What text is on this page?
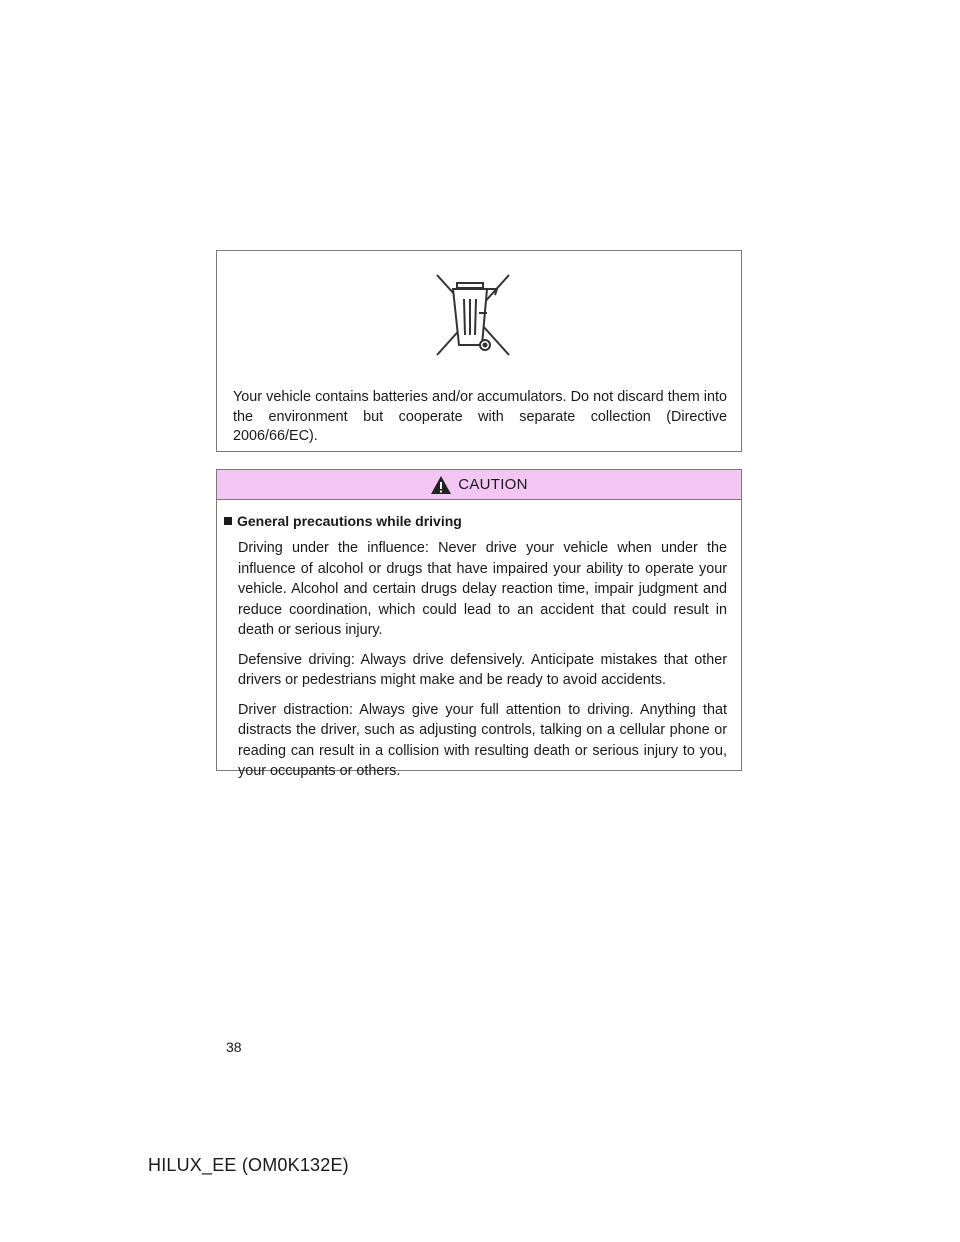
Your vehicle contains batteries and/or accumulators. Do not discard them into the environment but cooperate with separate collection (Directive 2006/66/EC).
CAUTION
General precautions while driving

Driving under the influence: Never drive your vehicle when under the influence of alcohol or drugs that have impaired your ability to operate your vehicle. Alcohol and certain drugs delay reaction time, impair judgment and reduce coordination, which could lead to an accident that could result in death or serious injury.

Defensive driving: Always drive defensively. Anticipate mistakes that other drivers or pedestrians might make and be ready to avoid accidents.

Driver distraction: Always give your full attention to driving. Anything that distracts the driver, such as adjusting controls, talking on a cellular phone or reading can result in a collision with resulting death or serious injury to you, your occupants or others.

38
HILUX_EE (OM0K132E)
